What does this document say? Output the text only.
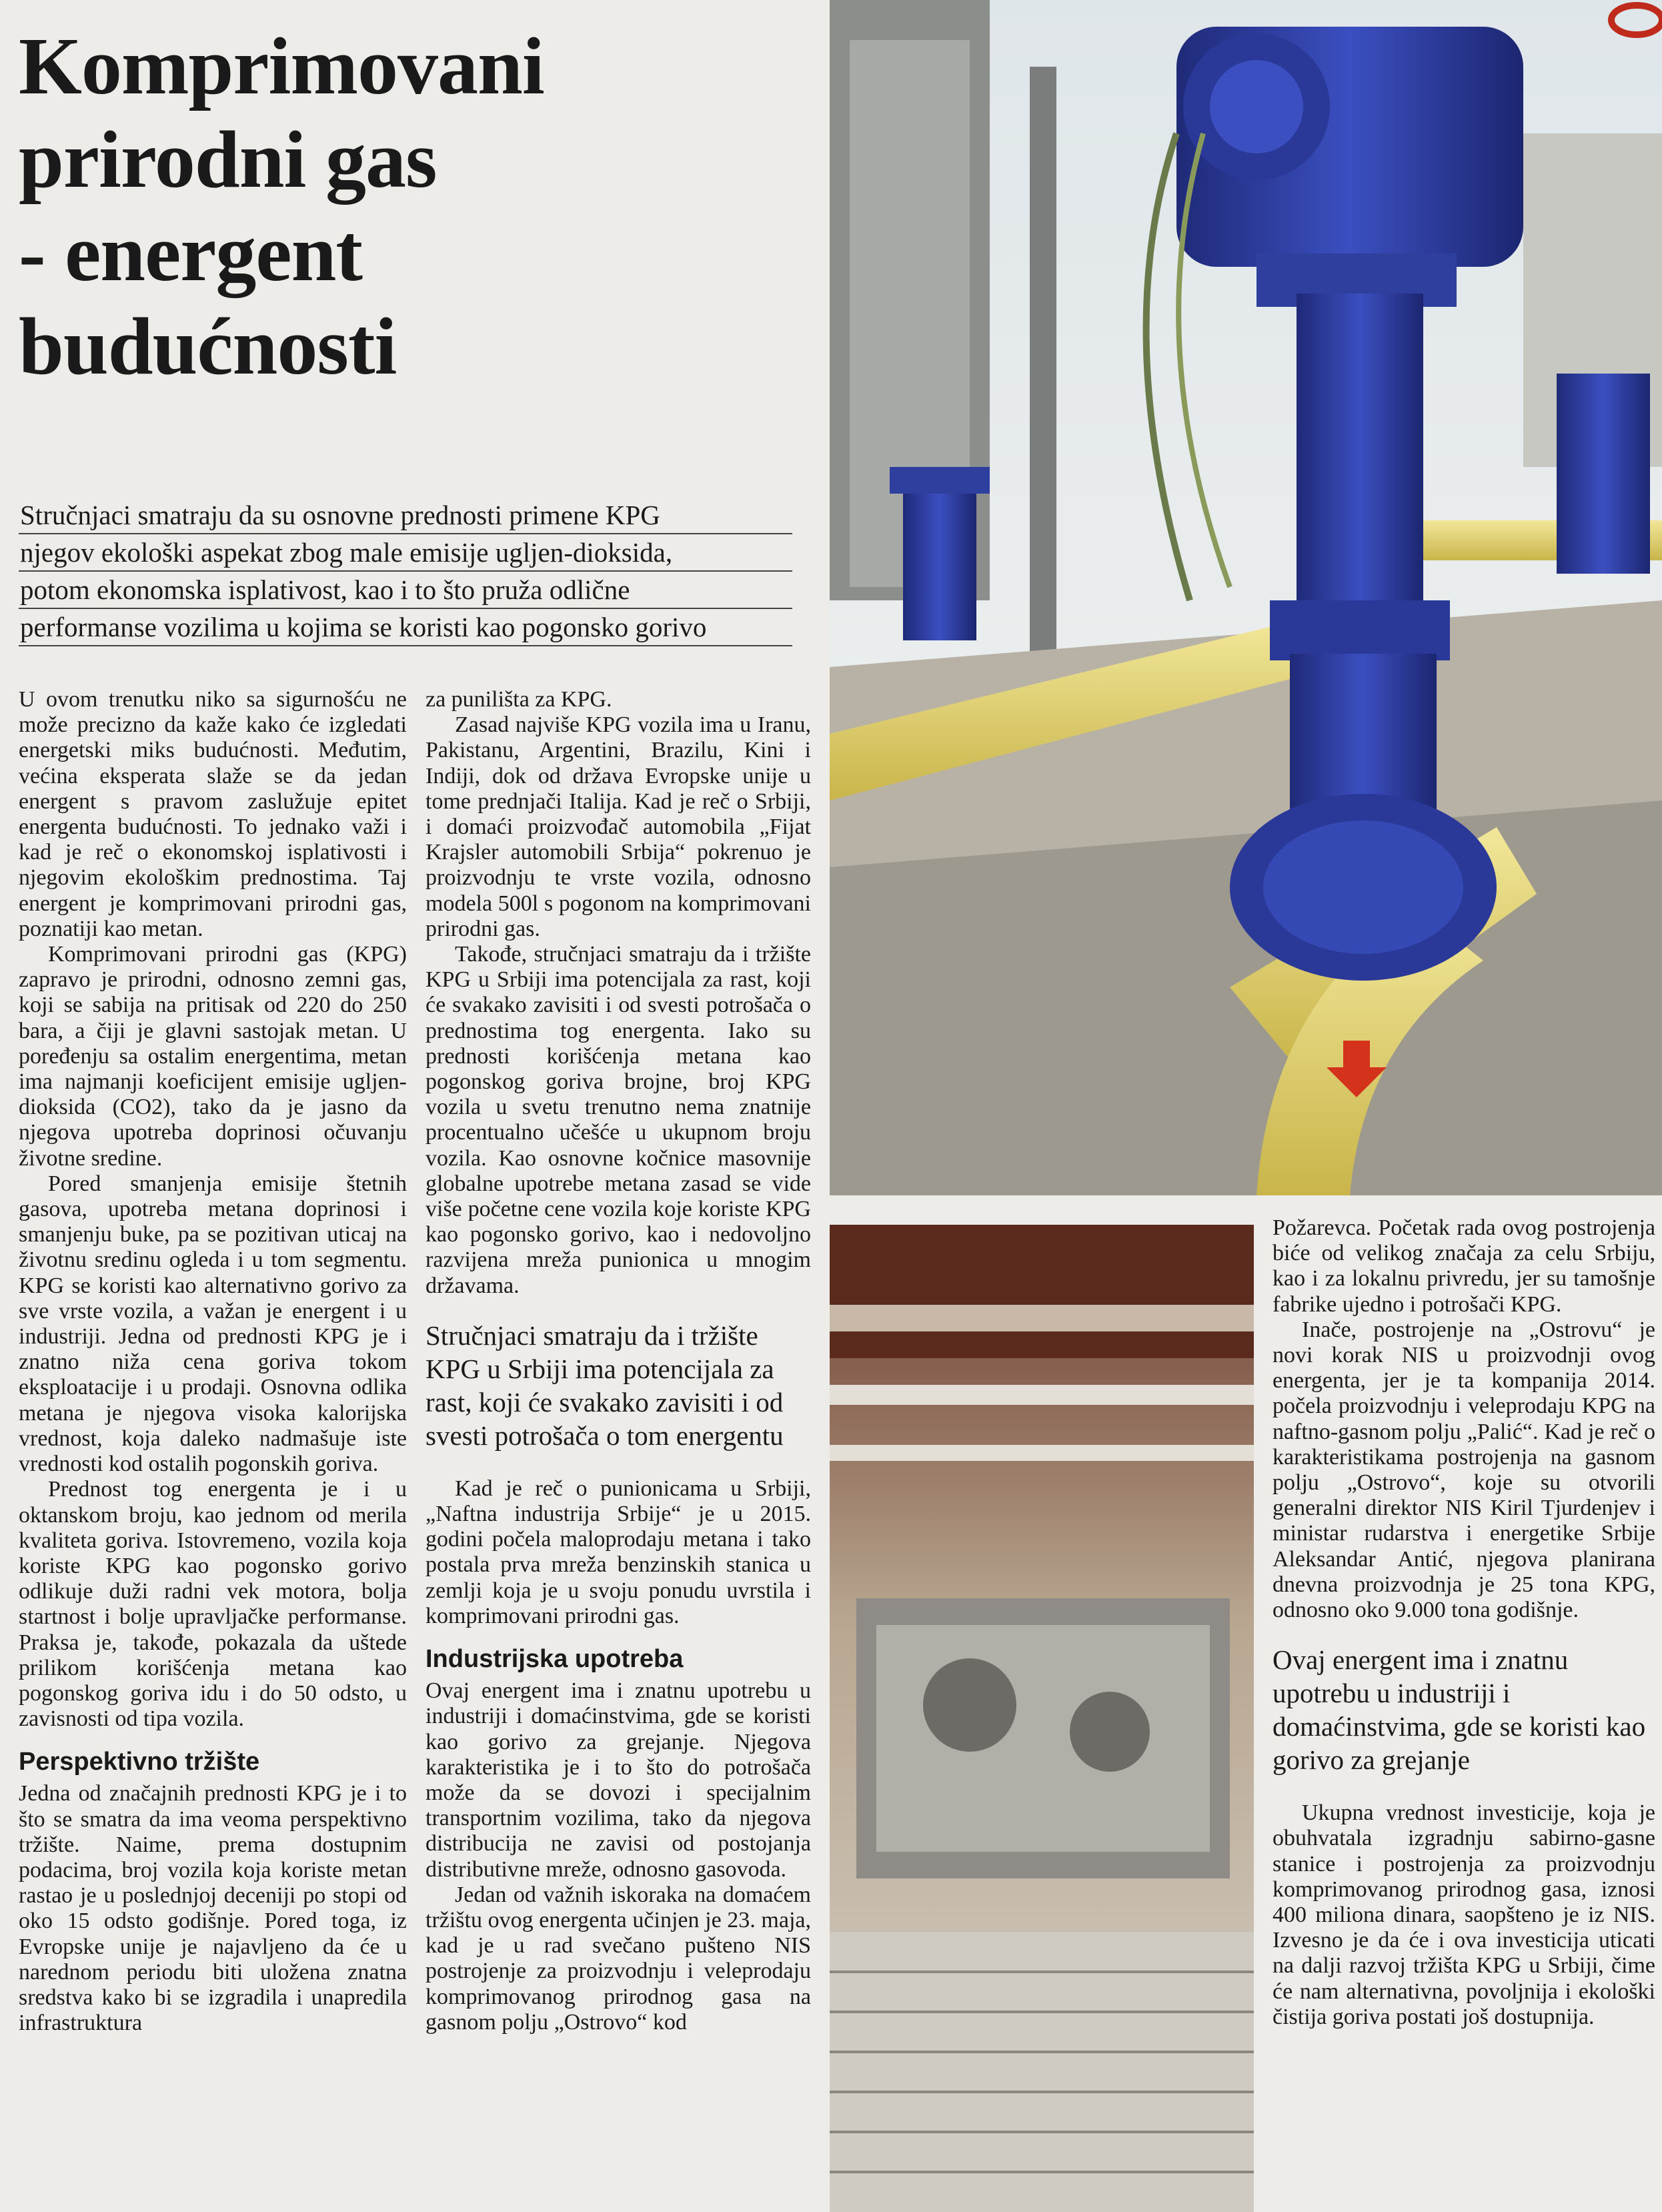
Komprimovani
prirodni gas
- energent
budućnosti
Stručnjaci smatraju da su osnovne prednosti primene KPG
njegov ekološki aspekat zbog male emisije ugljen-dioksida,
potom ekonomska isplativost, kao i to što pruža odlične
performanse vozilima u kojima se koristi kao pogonsko gorivo

U ovom trenutku niko sa sigurnošću ne može precizno da kaže kako će izgledati energetski miks budućnosti. Međutim, većina eksperata slaže se da jedan energent s pravom zaslužuje epitet energenta budućnosti. To jednako važi i kad je reč o ekonomskoj isplativosti i njegovim ekološkim prednostima. Taj energent je komprimovani prirodni gas, poznatiji kao metan.

Komprimovani prirodni gas (KPG) zapravo je prirodni, odnosno zemni gas, koji se sabija na pritisak od 220 do 250 bara, a čiji je glavni sastojak metan. U poređenju sa ostalim energentima, metan ima najmanji koeficijent emisije ugljen-dioksida (CO2), tako da je jasno da njegova upotreba doprinosi očuvanju životne sredine.

Pored smanjenja emisije štetnih gasova, upotreba metana doprinosi i smanjenju buke, pa se pozitivan uticaj na životnu sredinu ogleda i u tom segmentu. KPG se koristi kao alternativno gorivo za sve vrste vozila, a važan je energent i u industriji. Jedna od prednosti KPG je i znatno niža cena goriva tokom eksploatacije i u prodaji. Osnovna odlika metana je njegova visoka kalorijska vrednost, koja daleko nadmašuje iste vrednosti kod ostalih pogonskih goriva.

Prednost tog energenta je i u oktanskom broju, kao jednom od merila kvaliteta goriva. Istovremeno, vozila koja koriste KPG kao pogonsko gorivo odlikuje duži radni vek motora, bolja startnost i bolje upravljačke performanse. Praksa je, takođe, pokazala da uštede prilikom korišćenja metana kao pogonskog goriva idu i do 50 odsto, u zavisnosti od tipa vozila.

Perspektivno tržište

Jedna od značajnih prednosti KPG je i to što se smatra da ima veoma perspektivno tržište. Naime, prema dostupnim podacima, broj vozila koja koriste metan rastao je u poslednjoj deceniji po stopi od oko 15 odsto godišnje. Pored toga, iz Evropske unije je najavljeno da će u narednom periodu biti uložena znatna sredstva kako bi se izgradila i unapredila infrastruktura

za punilišta za KPG.

Zasad najviše KPG vozila ima u Iranu, Pakistanu, Argentini, Brazilu, Kini i Indiji, dok od država Evropske unije u tome prednjači Italija. Kad je reč o Srbiji, i domaći proizvođač automobila „Fijat Krajsler automobili Srbija“ pokrenuo je proizvodnju te vrste vozila, odnosno modela 500l s pogonom na komprimovani prirodni gas.

Takođe, stručnjaci smatraju da i tržište KPG u Srbiji ima potencijala za rast, koji će svakako zavisiti i od svesti potrošača o prednostima tog energenta. Iako su prednosti korišćenja metana kao pogonskog goriva brojne, broj KPG vozila u svetu trenutno nema znatnije procentualno učešće u ukupnom broju vozila. Kao osnovne kočnice masovnije globalne upotrebe metana zasad se vide više početne cene vozila koje koriste KPG kao pogonsko gorivo, kao i nedovoljno razvijena mreža punionica u mnogim državama.

Stručnjaci smatraju da i tržište KPG u Srbiji ima potencijala za rast, koji će svakako zavisiti i od svesti potrošača o tom energentu

Kad je reč o punionicama u Srbiji, „Naftna industrija Srbije“ je u 2015. godini počela maloprodaju metana i tako postala prva mreža benzinskih stanica u zemlji koja je u svoju ponudu uvrstila i komprimovani prirodni gas.

Industrijska upotreba

Ovaj energent ima i znatnu upotrebu u industriji i domaćinstvima, gde se koristi kao gorivo za grejanje. Njegova karakteristika je i to što do potrošača može da se dovozi i specijalnim transportnim vozilima, tako da njegova distribucija ne zavisi od postojanja distributivne mreže, odnosno gasovoda.

Jedan od važnih iskoraka na domaćem tržištu ovog energenta učinjen je 23. maja, kad je u rad svečano pušteno NIS postrojenje za proizvodnju i veleprodaju komprimovanog prirodnog gasa na gasnom polju „Ostrovo“ kod

Požarevca. Početak rada ovog postrojenja biće od velikog značaja za celu Srbiju, kao i za lokalnu privredu, jer su tamošnje fabrike ujedno i potrošači KPG.

Inače, postrojenje na „Ostrovu“ je novi korak NIS u proizvodnji ovog energenta, jer je ta kompanija 2014. počela proizvodnju i veleprodaju KPG na naftno-gasnom polju „Palić“. Kad je reč o karakteristikama postrojenja na gasnom polju „Ostrovo“, koje su otvorili generalni direktor NIS Kiril Tjurdenjev i ministar rudarstva i energetike Srbije Aleksandar Antić, njegova planirana dnevna proizvodnja je 25 tona KPG, odnosno oko 9.000 tona godišnje.

Ovaj energent ima i znatnu upotrebu u industriji i domaćinstvima, gde se koristi kao gorivo za grejanje

Ukupna vrednost investicije, koja je obuhvatala izgradnju sabirno-gasne stanice i postrojenja za proizvodnju komprimovanog prirodnog gasa, iznosi 400 miliona dinara, saopšteno je iz NIS. Izvesno je da će i ova investicija uticati na dalji razvoj tržišta KPG u Srbiji, čime će nam alternativna, povoljnija i ekološki čistija goriva postati još dostupnija.
